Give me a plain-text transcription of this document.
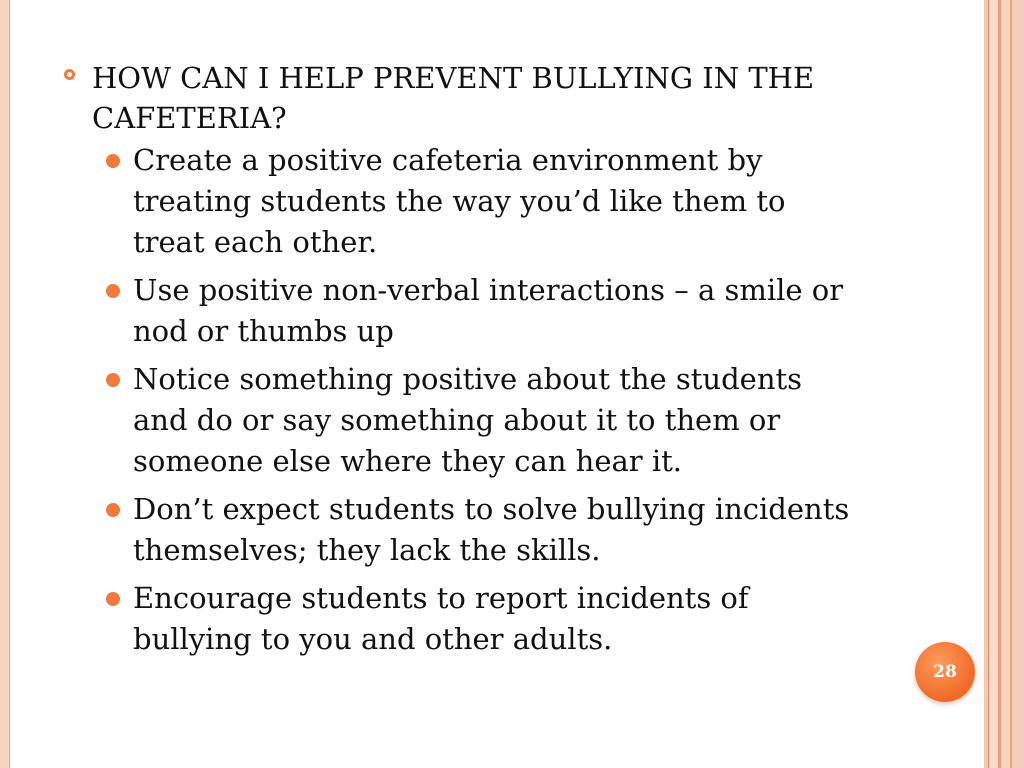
HOW CAN I HELP PREVENT BULLYING IN THE CAFETERIA?
Create a positive cafeteria environment by treating students the way you’d like them to treat each other.
Use positive non-verbal interactions – a smile or nod or thumbs up
Notice something positive about the students and do or say something about it to them or someone else where they can hear it.
Don’t expect students to solve bullying incidents themselves; they lack the skills.
Encourage students to report incidents of bullying to you and other adults.
28
